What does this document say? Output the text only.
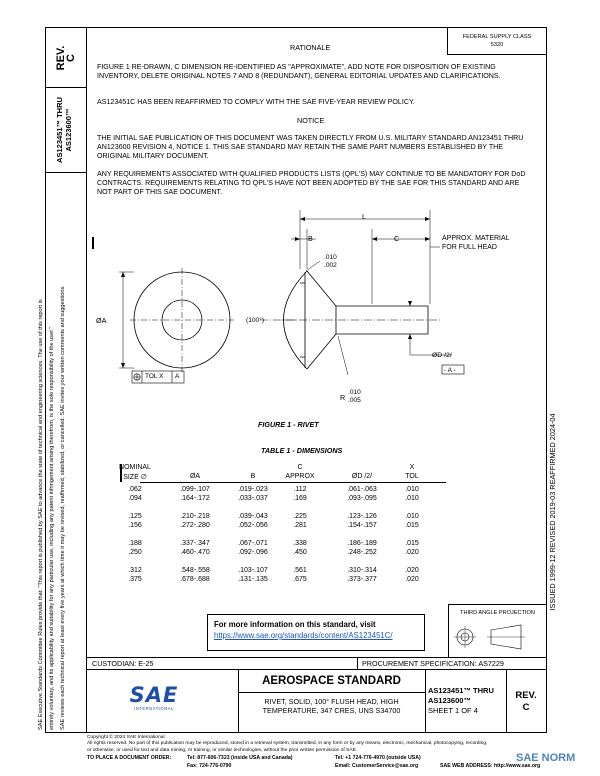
REV.
C
AS123451™ THRU AS123600™
SAE Executive Standards Committee Rules provide that: "This report is published by SAE to advance the state of technical and engineering sciences. The use of this report is entirely voluntary, and its applicability and suitability for any particular use, including any patent infringement arising therefrom, is the sole responsibility of the user." SAE reviews each technical report at least every five years at which time it may be revised, reaffirmed, stabilized, or cancelled. SAE invites your written comments and suggestions.
FEDERAL SUPPLY CLASS
5320
RATIONALE
FIGURE 1 RE-DRAWN, C DIMENSION RE-IDENTIFIED AS "APPROXIMATE", ADD NOTE FOR DISPOSITION OF EXISTING INVENTORY, DELETE ORIGINAL NOTES 7 AND 8 (REDUNDANT), GENERAL EDITORIAL UPDATES AND CLARIFICATIONS.
AS123451C HAS BEEN REAFFIRMED TO COMPLY WITH THE SAE FIVE-YEAR REVIEW POLICY.
NOTICE
THE INITIAL SAE PUBLICATION OF THIS DOCUMENT WAS TAKEN DIRECTLY FROM U.S. MILITARY STANDARD AN123451 THRU AN123600 REVISION 4, NOTICE 1. THIS SAE STANDARD MAY RETAIN THE SAME PART NUMBERS ESTABLISHED BY THE ORIGINAL MILITARY DOCUMENT.
ANY REQUIREMENTS ASSOCIATED WITH QUALIFIED PRODUCTS LISTS (QPL'S) MAY CONTINUE TO BE MANDATORY FOR DoD CONTRACTS. REQUIREMENTS RELATING TO QPL'S HAVE NOT BEEN ADOPTED BY THE SAE FOR THIS STANDARD AND ARE NOT PART OF THIS SAE DOCUMENT.
L
B	C	APPROX. MATERIAL
FOR FULL HEAD
.010
.002
ØA	(100°)
ØD /2/
- A -
TOL X A
R
.010
.005
FIGURE 1 - RIVET
TABLE 1 - DIMENSIONS
NOMINAL
SIZE ∅	ØA	B
C
APPROX	ØD /2/
X
TOL
.062	.099-.107	.019-.023	.112	.061-.063	.010
.094	.164-.172	.033-.037	.169	.093-.095	.010
.125	.210-.218	.039-.043	.225	.123-.126	.010
.156	.272-.280	.052-.056	.281	.154-.157	.015
.188	.337-.347	.067-.071	.338	.186-.189	.015
.250	.460-.470	.092-.096	.450	.248-.252	.020
.312	.548-.558	.103-.107	.561	.310-.314	.020
.375	.678-.688	.131-.135	.675	.373-.377	.020
For more information on this standard, visit
https://www.sae.org/standards/content/AS123451C/
THIRD ANGLE PROJECTION
ISSUED 1999-12 REVISED 2019-03 REAFFIRMED 2024-04
CUSTODIAN: E-25	PROCUREMENT SPECIFICATION: AS7229
SAE
INTERNATIONAL
AEROSPACE STANDARD
RIVET, SOLID, 100° FLUSH HEAD, HIGH
TEMPERATURE, 347 CRES, UNS S34700
AS123451™ THRU
AS123600™
SHEET 1 OF 4
REV.
C
Copyright © 2024 SAE International
All rights reserved. No part of this publication may be reproduced, stored in a retrieval system, transmitted, in any form or by any means, electronic, mechanical, photocopying, recording,
or otherwise, or used for text and data mining, AI training, or similar technologies, without the prior written permission of SAE.
TO PLACE A DOCUMENT ORDER:	Tel: 877-606-7323 (inside USA and Canada)	Tel: +1 724-776-4970 (outside USA)
Fax: 724-776-0790	Email: CustomerService@sae.org	SAE WEB ADDRESS: http://www.sae.org
SAE NORM
